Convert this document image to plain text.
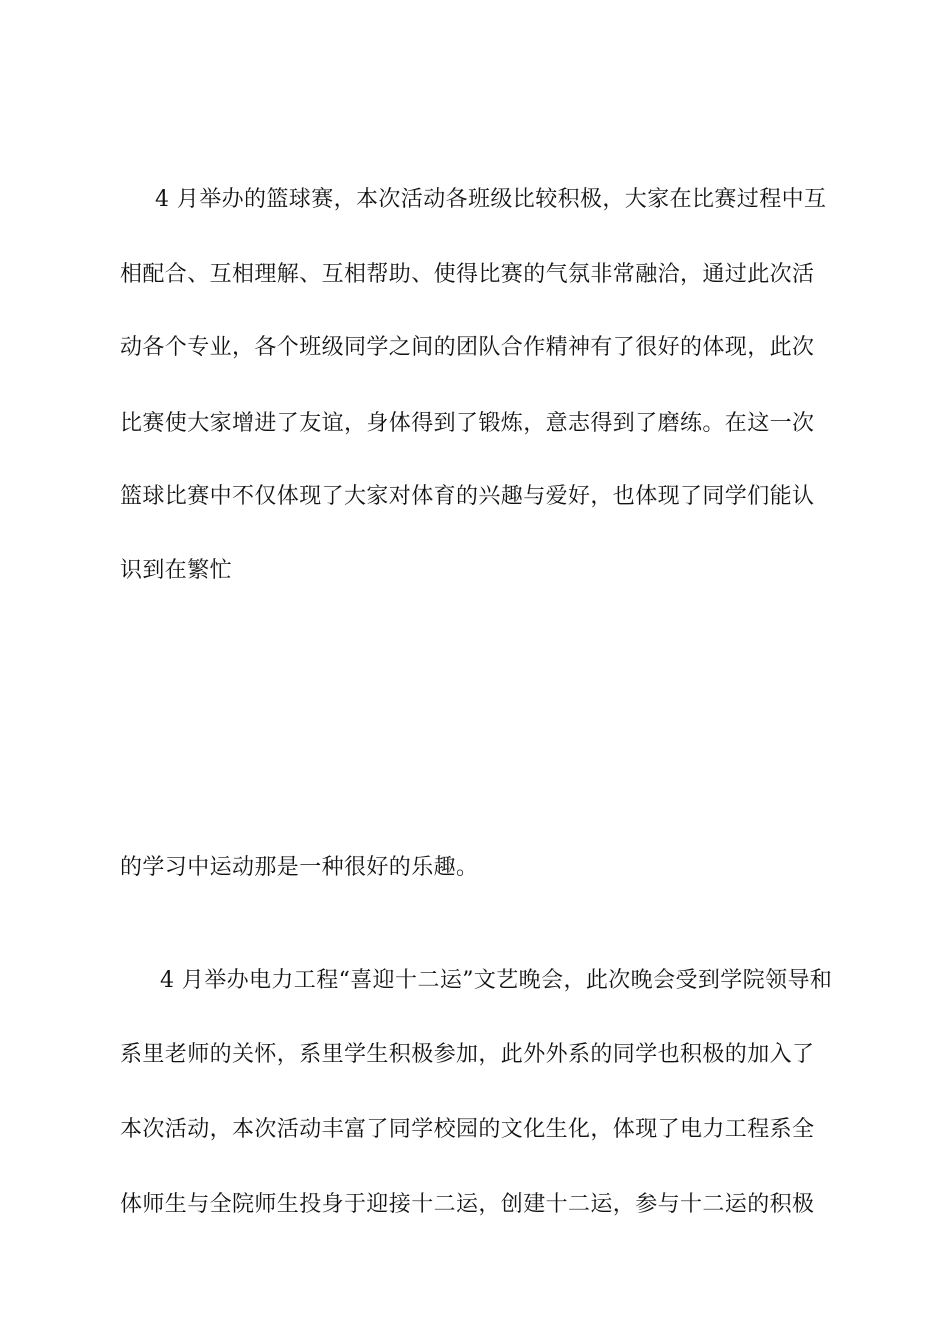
4 月举办的篮球赛，本次活动各班级比较积极，大家在比赛过程中互
相配合、互相理解、互相帮助、使得比赛的气氛非常融洽，通过此次活
动各个专业，各个班级同学之间的团队合作精神有了很好的体现，此次
比赛使大家增进了友谊，身体得到了锻炼，意志得到了磨练。在这一次
篮球比赛中不仅体现了大家对体育的兴趣与爱好，也体现了同学们能认
识到在繁忙
的学习中运动那是一种很好的乐趣。
4 月举办电力工程“喜迎十二运”文艺晚会，此次晚会受到学院领导和
系里老师的关怀，系里学生积极参加，此外外系的同学也积极的加入了
本次活动，本次活动丰富了同学校园的文化生化，体现了电力工程系全
体师生与全院师生投身于迎接十二运，创建十二运，参与十二运的积极
